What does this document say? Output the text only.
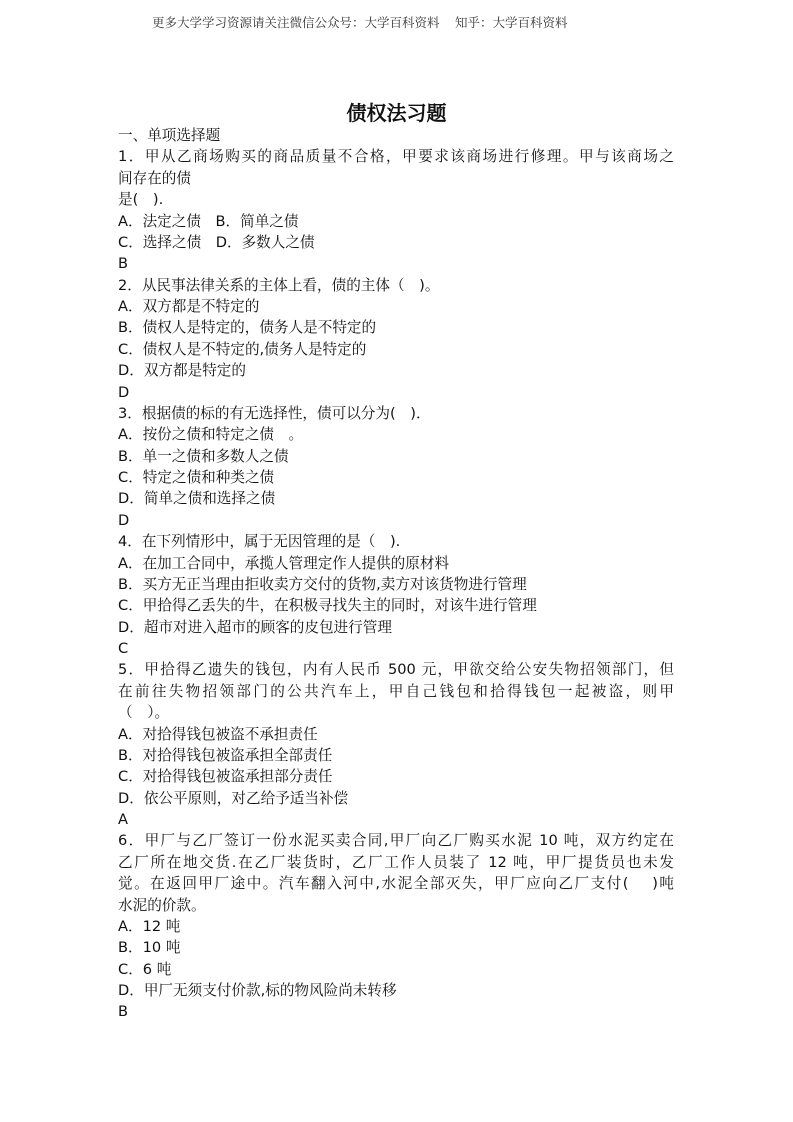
更多大学学习资源请关注微信公众号：大学百科资料 知乎：大学百科资料
债权法习题
一、单项选择题
1．甲从乙商场购买的商品质量不合格，甲要求该商场进行修理。甲与该商场之
间存在的债
是(　).
A．法定之债　B．简单之债
C．选择之债　D．多数人之债
B
2．从民事法律关系的主体上看，债的主体（　)。
A．双方都是不特定的
B．债权人是特定的，债务人是不特定的
C．债权人是不特定的,债务人是特定的
D．双方都是特定的
D
3．根据债的标的有无选择性，债可以分为(　)．
A．按份之债和特定之债　。
B．单一之债和多数人之债
C．特定之债和种类之债
D．简单之债和选择之债
D
4．在下列情形中，属于无因管理的是（　).
A．在加工合同中，承揽人管理定作人提供的原材料
B．买方无正当理由拒收卖方交付的货物,卖方对该货物进行管理
C．甲拾得乙丢失的牛，在积极寻找失主的同时，对该牛进行管理
D．超市对进入超市的顾客的皮包进行管理
C
5．甲拾得乙遗失的钱包，内有人民币 500 元，甲欲交给公安失物招领部门，但
在前往失物招领部门的公共汽车上，甲自己钱包和拾得钱包一起被盗，则甲
（　）。
A．对拾得钱包被盗不承担责任
B．对拾得钱包被盗承担全部责任
C．对拾得钱包被盗承担部分责任
D．依公平原则，对乙给予适当补偿
A
6．甲厂与乙厂签订一份水泥买卖合同,甲厂向乙厂购买水泥 10 吨，双方约定在
乙厂所在地交货.在乙厂装货时，乙厂工作人员装了 12 吨，甲厂提货员也未发
觉。在返回甲厂途中。汽车翻入河中,水泥全部灭失，甲厂应向乙厂支付(　 )吨
水泥的价款。
A．12 吨
B．10 吨
C．6 吨
D．甲厂无须支付价款,标的物风险尚未转移
B
